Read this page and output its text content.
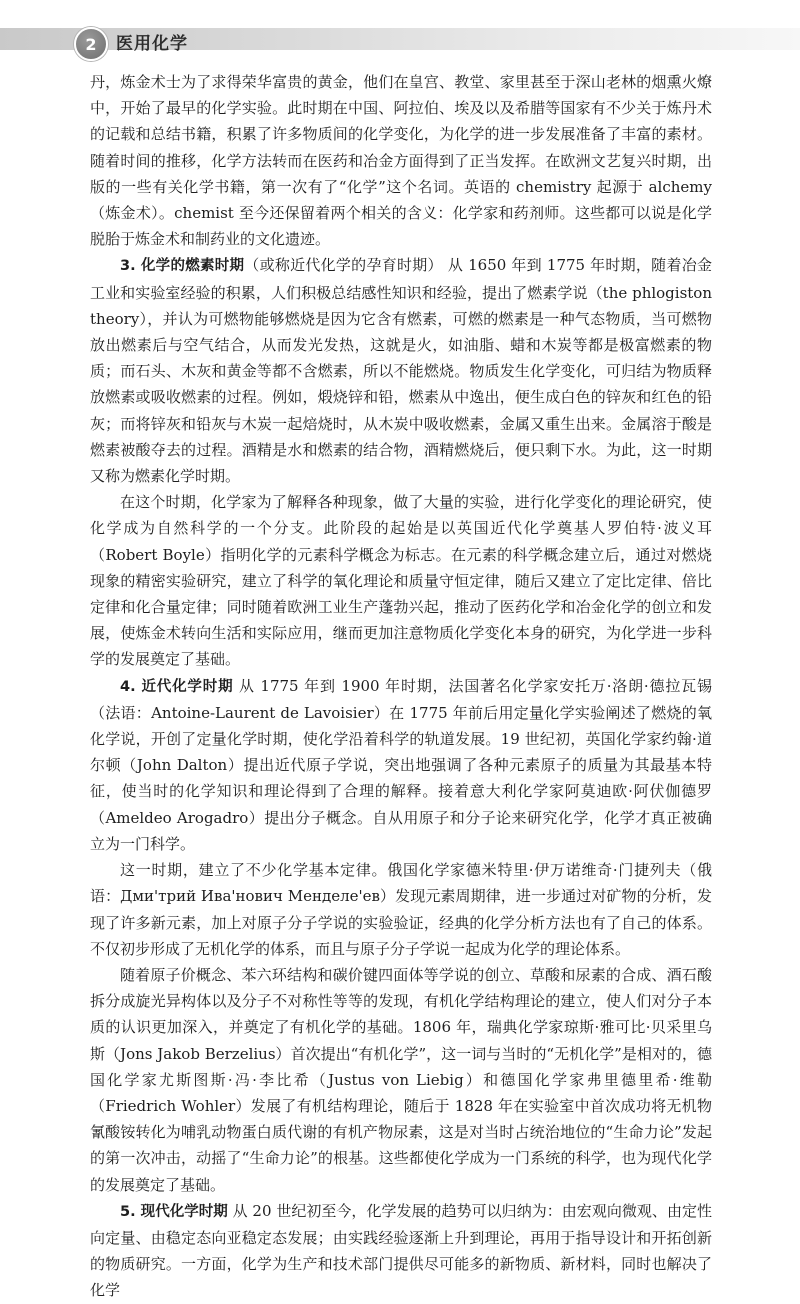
2	医用化学

丹，炼金术士为了求得荣华富贵的黄金，他们在皇宫、教堂、家里甚至于深山老林的烟熏火燎中，开始了最早的化学实验。此时期在中国、阿拉伯、埃及以及希腊等国家有不少关于炼丹术的记载和总结书籍，积累了许多物质间的化学变化，为化学的进一步发展准备了丰富的素材。随着时间的推移，化学方法转而在医药和冶金方面得到了正当发挥。在欧洲文艺复兴时期，出版的一些有关化学书籍，第一次有了“化学”这个名词。英语的 chemistry 起源于 alchemy（炼金术）。chemist 至今还保留着两个相关的含义：化学家和药剂师。这些都可以说是化学脱胎于炼金术和制药业的文化遗迹。

3. 化学的燃素时期（或称近代化学的孕育时期） 从 1650 年到 1775 年时期，随着冶金工业和实验室经验的积累，人们积极总结感性知识和经验，提出了燃素学说（the phlogiston theory），并认为可燃物能够燃烧是因为它含有燃素，可燃的燃素是一种气态物质，当可燃物放出燃素后与空气结合，从而发光发热，这就是火，如油脂、蜡和木炭等都是极富燃素的物质；而石头、木灰和黄金等都不含燃素，所以不能燃烧。物质发生化学变化，可归结为物质释放燃素或吸收燃素的过程。例如，煅烧锌和铅，燃素从中逸出，便生成白色的锌灰和红色的铅灰；而将锌灰和铅灰与木炭一起焙烧时，从木炭中吸收燃素，金属又重生出来。金属溶于酸是燃素被酸夺去的过程。酒精是水和燃素的结合物，酒精燃烧后，便只剩下水。为此，这一时期又称为燃素化学时期。

在这个时期，化学家为了解释各种现象，做了大量的实验，进行化学变化的理论研究，使化学成为自然科学的一个分支。此阶段的起始是以英国近代化学奠基人罗伯特·波义耳（Robert Boyle）指明化学的元素科学概念为标志。在元素的科学概念建立后，通过对燃烧现象的精密实验研究，建立了科学的氧化理论和质量守恒定律，随后又建立了定比定律、倍比定律和化合量定律；同时随着欧洲工业生产蓬勃兴起，推动了医药化学和冶金化学的创立和发展，使炼金术转向生活和实际应用，继而更加注意物质化学变化本身的研究，为化学进一步科学的发展奠定了基础。

4. 近代化学时期 从 1775 年到 1900 年时期，法国著名化学家安托万·洛朗·德拉瓦锡（法语：Antoine-Laurent de Lavoisier）在 1775 年前后用定量化学实验阐述了燃烧的氧化学说，开创了定量化学时期，使化学沿着科学的轨道发展。19 世纪初，英国化学家约翰·道尔顿（John Dalton）提出近代原子学说，突出地强调了各种元素原子的质量为其最基本特征，使当时的化学知识和理论得到了合理的解释。接着意大利化学家阿莫迪欧·阿伏伽德罗（Ameldeo Arogadro）提出分子概念。自从用原子和分子论来研究化学，化学才真正被确立为一门科学。

这一时期，建立了不少化学基本定律。俄国化学家德米特里·伊万诺维奇·门捷列夫（俄语：Дми'трий Ива'нович Менделе'ев）发现元素周期律，进一步通过对矿物的分析，发现了许多新元素，加上对原子分子学说的实验验证，经典的化学分析方法也有了自己的体系。不仅初步形成了无机化学的体系，而且与原子分子学说一起成为化学的理论体系。

随着原子价概念、苯六环结构和碳价键四面体等学说的创立、草酸和尿素的合成、酒石酸拆分成旋光异构体以及分子不对称性等等的发现，有机化学结构理论的建立，使人们对分子本质的认识更加深入，并奠定了有机化学的基础。1806 年，瑞典化学家琼斯·雅可比·贝采里乌斯（Jons Jakob Berzelius）首次提出“有机化学”，这一词与当时的“无机化学”是相对的，德国化学家尤斯图斯·冯·李比希（Justus von Liebig）和德国化学家弗里德里希·维勒（Friedrich Wohler）发展了有机结构理论，随后于 1828 年在实验室中首次成功将无机物氰酸铵转化为哺乳动物蛋白质代谢的有机产物尿素，这是对当时占统治地位的“生命力论”发起的第一次冲击，动摇了“生命力论”的根基。这些都使化学成为一门系统的科学，也为现代化学的发展奠定了基础。

5. 现代化学时期 从 20 世纪初至今，化学发展的趋势可以归纳为：由宏观向微观、由定性向定量、由稳定态向亚稳定态发展；由实践经验逐渐上升到理论，再用于指导设计和开拓创新的物质研究。一方面，化学为生产和技术部门提供尽可能多的新物质、新材料，同时也解决了化学
